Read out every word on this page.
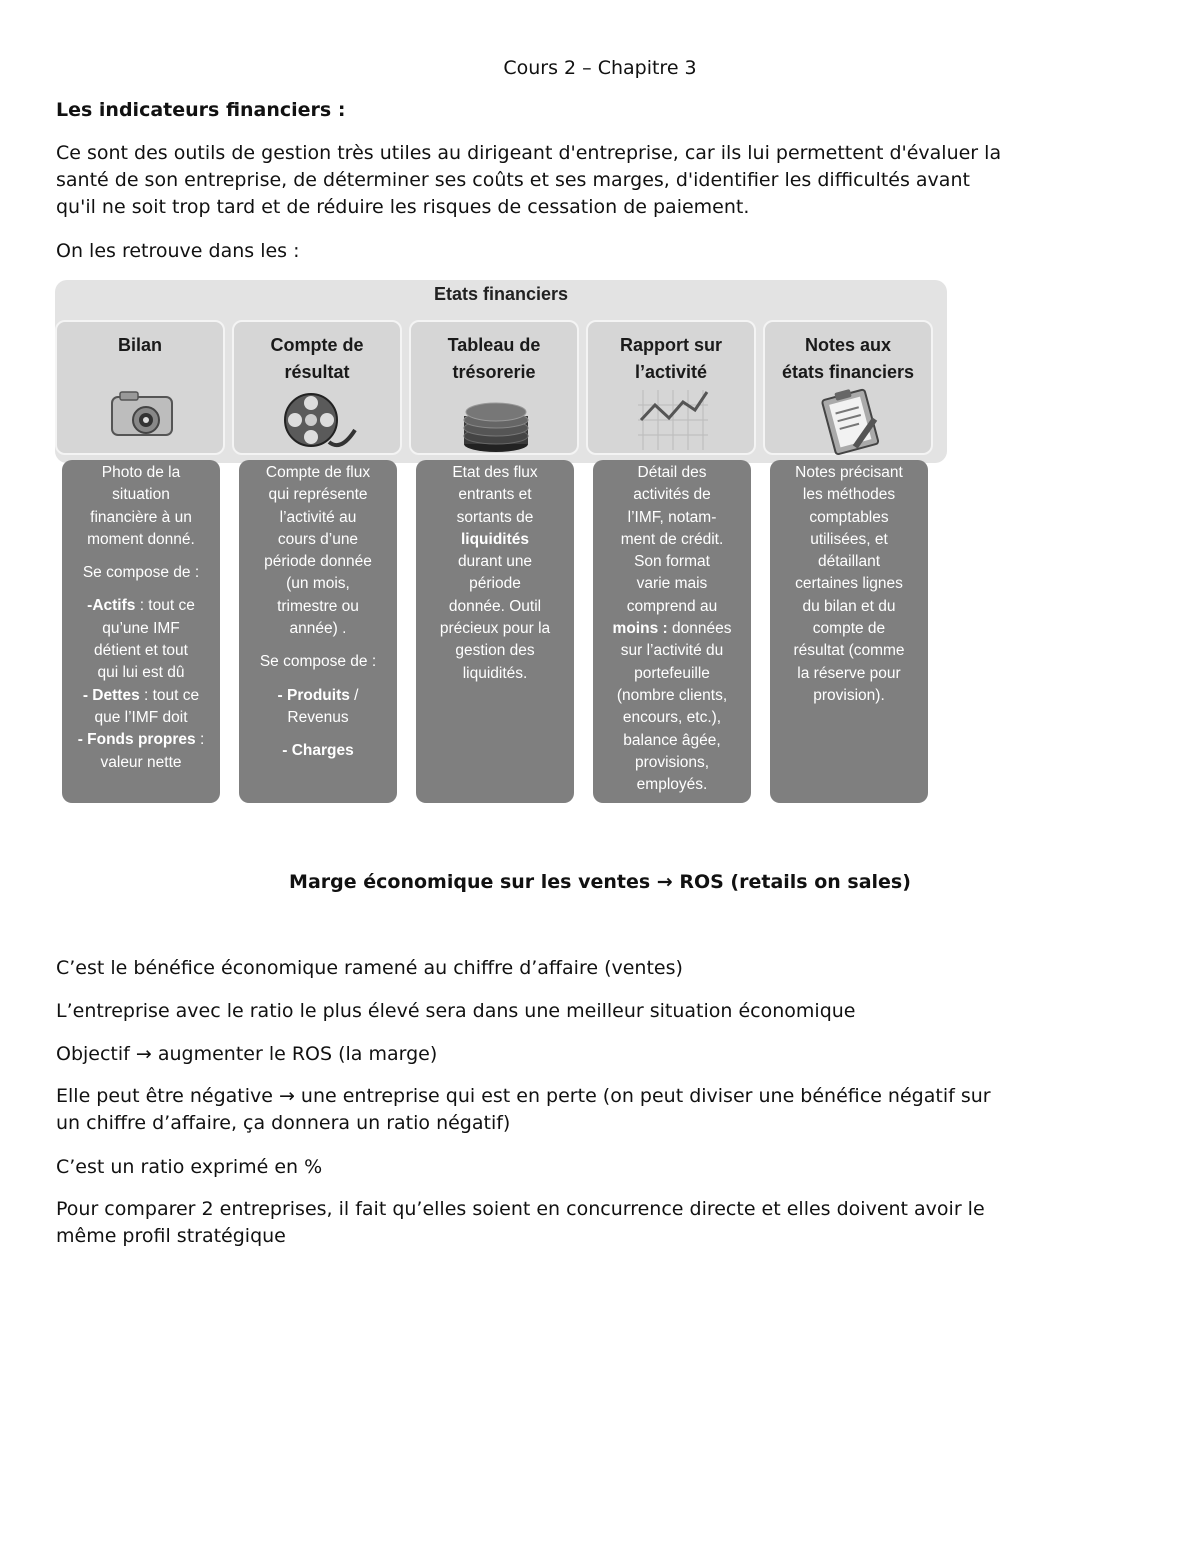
Cours 2 – Chapitre 3
Les indicateurs financiers :
Ce sont des outils de gestion très utiles au dirigeant d'entreprise, car ils lui permettent d'évaluer la
santé de son entreprise, de déterminer ses coûts et ses marges, d'identifier les difficultés avant
qu'il ne soit trop tard et de réduire les risques de cessation de paiement.
On les retrouve dans les :
Etats financiers
Bilan	Compte de
résultat
Tableau de
trésorerie
Rapport sur
l’activité
Notes aux
états financiers

Photo de la

situation

financière à un

moment donné.

Se compose de :

-Actifs : tout ce

qu’une IMF

détient et tout

qui lui est dû

- Dettes : tout ce

que l’IMF doit

- Fonds propres :

valeur nette

Compte de flux

qui représente

l’activité au

cours d’une

période donnée

(un mois,

trimestre ou

année) .

Se compose de :

- Produits /

Revenus

- Charges

Etat des flux

entrants et

sortants de

liquidités

durant une

période

donnée. Outil

précieux pour la

gestion des

liquidités.

Détail des

activités de

l’IMF, notam-

ment de crédit.

Son format

varie mais

comprend au

moins : données

sur l’activité du

portefeuille

(nombre clients,

encours, etc.),

balance âgée,

provisions,

employés.

Notes précisant

les méthodes

comptables

utilisées, et

détaillant

certaines lignes

du bilan et du

compte de

résultat (comme

la réserve pour

provision).

Marge économique sur les ventes → ROS (retails on sales)
C’est le bénéfice économique ramené au chiffre d’affaire (ventes)
L’entreprise avec le ratio le plus élevé sera dans une meilleur situation économique
Objectif → augmenter le ROS (la marge)
Elle peut être négative → une entreprise qui est en perte (on peut diviser une bénéfice négatif sur
un chiffre d’affaire, ça donnera un ratio négatif)
C’est un ratio exprimé en %
Pour comparer 2 entreprises, il fait qu’elles soient en concurrence directe et elles doivent avoir le
même profil stratégique
